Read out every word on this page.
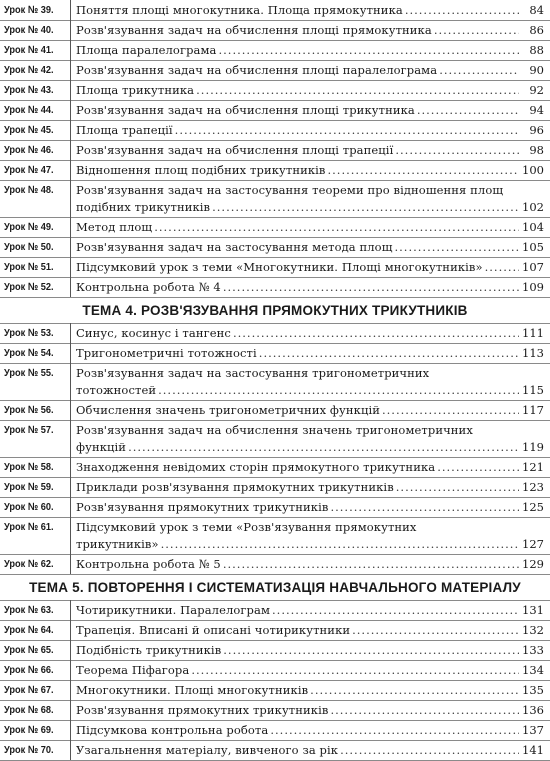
Урок № 39.	Поняття площі многокутника. Площа прямокутника .....	84
Урок № 40.	Розв'язування задач на обчислення площі прямокутника .....	86
Урок № 41.	Площа паралелограма .....	88
Урок № 42.	Розв'язування задач на обчислення площі паралелограма .....	90
Урок № 43.	Площа трикутника .....	92
Урок № 44.	Розв'язування задач на обчислення площі трикутника .....	94
Урок № 45.	Площа трапеції .....	96
Урок № 46.	Розв'язування задач на обчислення площі трапеції .....	98
Урок № 47.	Відношення площ подібних трикутників .....	100
Урок № 48.	Розв'язування задач на застосування теореми про відношення площ
подібних трикутників .....	102
Урок № 49.	Метод площ .....	104
Урок № 50.	Розв'язування задач на застосування метода площ .....	105
Урок № 51.	Підсумковий урок з теми «Многокутники. Площі многокутників» .....	107
Урок № 52.	Контрольна робота № 4 .....	109
ТЕМА 4. РОЗВ'ЯЗУВАННЯ ПРЯМОКУТНИХ ТРИКУТНИКІВ
Урок № 53.	Синус, косинус і тангенс .....	111
Урок № 54.	Тригонометричні тотожності .....	113
Урок № 55.	Розв'язування задач на застосування тригонометричних
тотожностей .....	115
Урок № 56.	Обчислення значень тригонометричних функцій .....	117
Урок № 57.	Розв'язування задач на обчислення значень тригонометричних
функцій .....	119
Урок № 58.	Знаходження невідомих сторін прямокутного трикутника .....	121
Урок № 59.	Приклади розв'язування прямокутних трикутників .....	123
Урок № 60.	Розв'язування прямокутних трикутників .....	125
Урок № 61.	Підсумковий урок з теми «Розв'язування прямокутних
трикутників» .....	127
Урок № 62.	Контрольна робота № 5 .....	129
ТЕМА 5. ПОВТОРЕННЯ І СИСТЕМАТИЗАЦІЯ НАВЧАЛЬНОГО МАТЕРІАЛУ
Урок № 63.	Чотирикутники. Паралелограм .....	131
Урок № 64.	Трапеція. Вписані й описані чотирикутники .....	132
Урок № 65.	Подібність трикутників .....	133
Урок № 66.	Теорема Піфагора .....	134
Урок № 67.	Многокутники. Площі многокутників .....	135
Урок № 68.	Розв'язування прямокутних трикутників .....	136
Урок № 69.	Підсумкова контрольна робота .....	137
Урок № 70.	Узагальнення матеріалу, вивченого за рік .....	141
